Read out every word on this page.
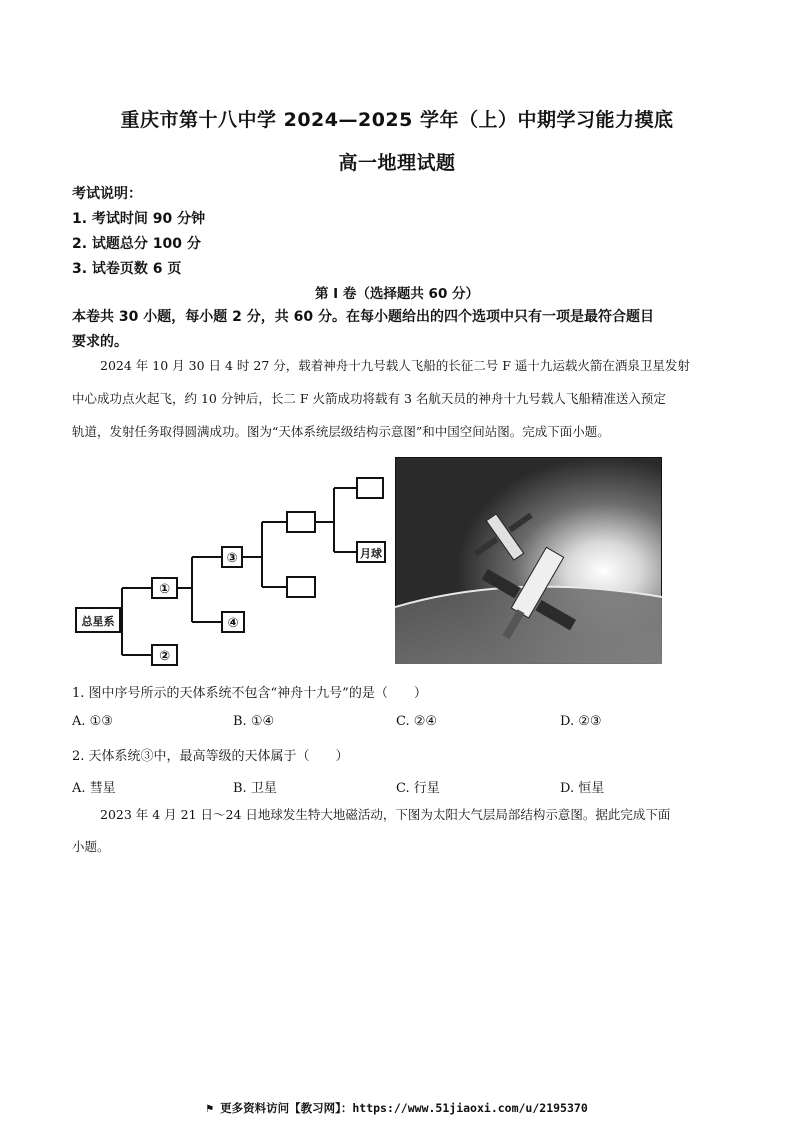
重庆市第十八中学 2024—2025 学年（上）中期学习能力摸底
高一地理试题
考试说明：
1. 考试时间 90 分钟
2. 试题总分 100 分
3. 试卷页数 6 页
第 I 卷（选择题共 60 分）
本卷共 30 小题，每小题 2 分，共 60 分。在每小题给出的四个选项中只有一项是最符合题目
要求的。
2024 年 10 月 30 日 4 时 27 分，载着神舟十九号载人飞船的长征二号 F 遥十九运载火箭在酒泉卫星发射
中心成功点火起飞，约 10 分钟后，长二 F 火箭成功将载有 3 名航天员的神舟十九号载人飞船精准送入预定
轨道，发射任务取得圆满成功。图为“天体系统层级结构示意图”和中国空间站图。完成下面小题。
总星系
①
②
③
④
月球
1. 图中序号所示的天体系统不包含“神舟十九号”的是（　　）
A. ①③	B. ①④	C. ②④	D. ②③
2. 天体系统③中，最高等级的天体属于（　　）
A. 彗星	B. 卫星	C. 行星	D. 恒星
2023 年 4 月 21 日～24 日地球发生特大地磁活动，下图为太阳大气层局部结构示意图。据此完成下面
小题。
⚑ 更多资料访问【教习网】：https://www.51jiaoxi.com/u/2195370
